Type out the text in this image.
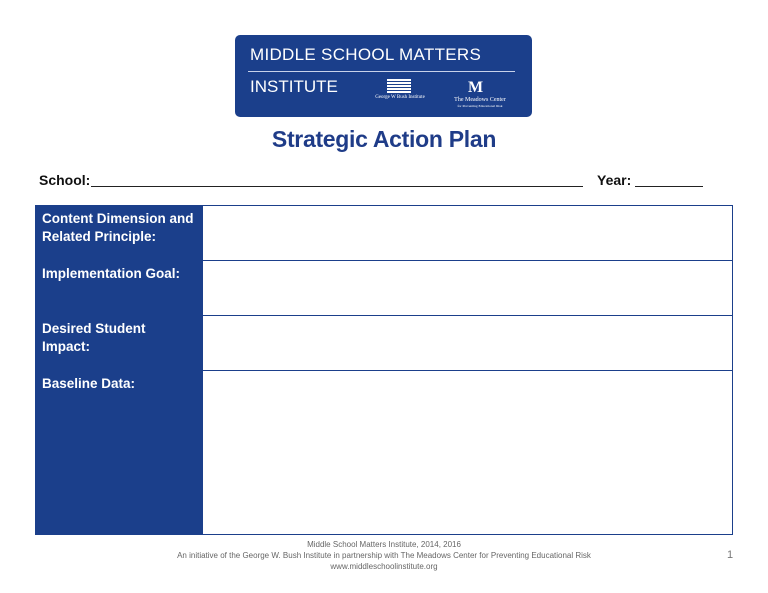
MIDDLE SCHOOL MATTERS
INSTITUTE
George W Bush Institute
M
The Meadows Center
for Preventing Educational Risk
Strategic Action Plan
School:	Year:
Content Dimension and Related Principle:
Implementation Goal:
Desired Student Impact:
Baseline Data:
Middle School Matters Institute, 2014, 2016
An initiative of the George W. Bush Institute in partnership with The Meadows Center for Preventing Educational Risk
www.middleschoolinstitute.org
1
